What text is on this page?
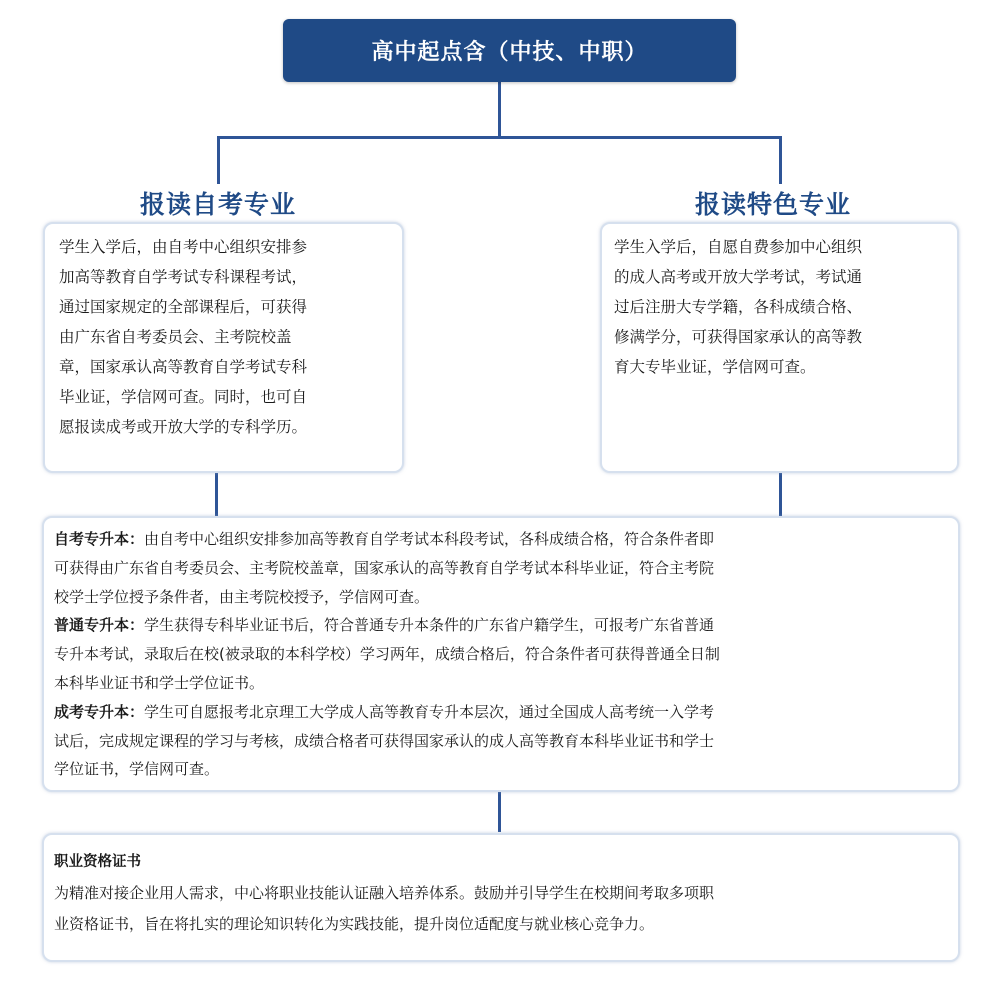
高中起点含（中技、中职）
报读自考专业	报读特色专业
学生入学后，由自考中心组织安排参
加高等教育自学考试专科课程考试，
通过国家规定的全部课程后，可获得
由广东省自考委员会、主考院校盖
章，国家承认高等教育自学考试专科
毕业证，学信网可查。同时，也可自
愿报读成考或开放大学的专科学历。
学生入学后，自愿自费参加中心组织
的成人高考或开放大学考试，考试通
过后注册大专学籍，各科成绩合格、
修满学分，可获得国家承认的高等教
育大专毕业证，学信网可查。
自考专升本：由自考中心组织安排参加高等教育自学考试本科段考试，各科成绩合格，符合条件者即
可获得由广东省自考委员会、主考院校盖章，国家承认的高等教育自学考试本科毕业证，符合主考院
校学士学位授予条件者，由主考院校授予，学信网可查。
普通专升本：学生获得专科毕业证书后，符合普通专升本条件的广东省户籍学生，可报考广东省普通
专升本考试，录取后在校(被录取的本科学校）学习两年，成绩合格后，符合条件者可获得普通全日制
本科毕业证书和学士学位证书。
成考专升本：学生可自愿报考北京理工大学成人高等教育专升本层次，通过全国成人高考统一入学考
试后，完成规定课程的学习与考核，成绩合格者可获得国家承认的成人高等教育本科毕业证书和学士
学位证书，学信网可查。
职业资格证书
为精准对接企业用人需求，中心将职业技能认证融入培养体系。鼓励并引导学生在校期间考取多项职
业资格证书，旨在将扎实的理论知识转化为实践技能，提升岗位适配度与就业核心竞争力。
